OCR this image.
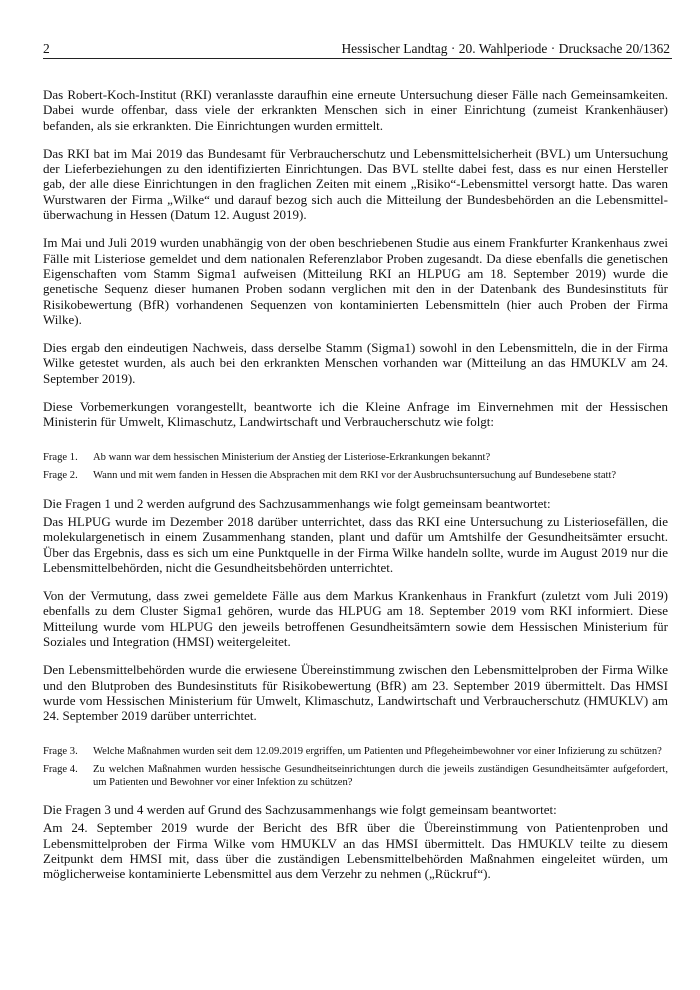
2	Hessischer Landtag · 20. Wahlperiode · Drucksache 20/1362

Das Robert-Koch-Institut (RKI) veranlasste daraufhin eine erneute Untersuchung dieser Fälle nach Gemeinsamkeiten. Dabei wurde offenbar, dass viele der erkrankten Menschen sich in einer Einrichtung (zumeist Krankenhäuser) befanden, als sie erkrankten. Die Einrichtungen wurden ermittelt.

Das RKI bat im Mai 2019 das Bundesamt für Verbraucherschutz und Lebensmittelsicherheit (BVL) um Untersuchung der Lieferbeziehungen zu den identifizierten Einrichtungen. Das BVL stellte dabei fest, dass es nur einen Hersteller gab, der alle diese Einrichtungen in den fraglichen Zeiten mit einem „Risiko“-Lebensmittel versorgt hatte. Das waren Wurstwaren der Firma „Wilke“ und darauf bezog sich auch die Mitteilung der Bundesbehörden an die Lebensmittelüberwachung in Hessen (Datum 12. August 2019).

Im Mai und Juli 2019 wurden unabhängig von der oben beschriebenen Studie aus einem Frankfurter Krankenhaus zwei Fälle mit Listeriose gemeldet und dem nationalen Referenzlabor Proben zugesandt. Da diese ebenfalls die genetischen Eigenschaften vom Stamm Sigma1 aufweisen (Mitteilung RKI an HLPUG am 18. September 2019) wurde die genetische Sequenz dieser humanen Proben sodann verglichen mit den in der Datenbank des Bundesinstituts für Risikobewertung (BfR) vorhandenen Sequenzen von kontaminierten Lebensmitteln (hier auch Proben der Firma Wilke).

Dies ergab den eindeutigen Nachweis, dass derselbe Stamm (Sigma1) sowohl in den Lebensmitteln, die in der Firma Wilke getestet wurden, als auch bei den erkrankten Menschen vorhanden war (Mitteilung an das HMUKLV am 24. September 2019).

Diese Vorbemerkungen vorangestellt, beantworte ich die Kleine Anfrage im Einvernehmen mit der Hessischen Ministerin für Umwelt, Klimaschutz, Landwirtschaft und Verbraucherschutz wie folgt:

Frage 1.	Ab wann war dem hessischen Ministerium der Anstieg der Listeriose-Erkrankungen bekannt?
Frage 2.	Wann und mit wem fanden in Hessen die Absprachen mit dem RKI vor der Ausbruchsuntersuchung auf Bundesebene statt?

Die Fragen 1 und 2 werden aufgrund des Sachzusammenhangs wie folgt gemeinsam beantwortet:

Das HLPUG wurde im Dezember 2018 darüber unterrichtet, dass das RKI eine Untersuchung zu Listeriosefällen, die molekulargenetisch in einem Zusammenhang standen, plant und dafür um Amtshilfe der Gesundheitsämter ersucht. Über das Ergebnis, dass es sich um eine Punktquelle in der Firma Wilke handeln sollte, wurde im August 2019 nur die Lebensmittelbehörden, nicht die Gesundheitsbehörden unterrichtet.

Von der Vermutung, dass zwei gemeldete Fälle aus dem Markus Krankenhaus in Frankfurt (zuletzt vom Juli 2019) ebenfalls zu dem Cluster Sigma1 gehören, wurde das HLPUG am 18. September 2019 vom RKI informiert. Diese Mitteilung wurde vom HLPUG den jeweils betroffenen Gesundheitsämtern sowie dem Hessischen Ministerium für Soziales und Integration (HMSI) weitergeleitet.

Den Lebensmittelbehörden wurde die erwiesene Übereinstimmung zwischen den Lebensmittelproben der Firma Wilke und den Blutproben des Bundesinstituts für Risikobewertung (BfR) am 23. September 2019 übermittelt. Das HMSI wurde vom Hessischen Ministerium für Umwelt, Klimaschutz, Landwirtschaft und Verbraucherschutz (HMUKLV) am 24. September 2019 darüber unterrichtet.

Frage 3.	Welche Maßnahmen wurden seit dem 12.09.2019 ergriffen, um Patienten und Pflegeheimbewohner vor einer Infizierung zu schützen?
Frage 4.	Zu welchen Maßnahmen wurden hessische Gesundheitseinrichtungen durch die jeweils zuständigen Gesundheitsämter aufgefordert, um Patienten und Bewohner vor einer Infektion zu schützen?

Die Fragen 3 und 4 werden auf Grund des Sachzusammenhangs wie folgt gemeinsam beantwortet:

Am 24. September 2019 wurde der Bericht des BfR über die Übereinstimmung von Patientenproben und Lebensmittelproben der Firma Wilke vom HMUKLV an das HMSI übermittelt. Das HMUKLV teilte zu diesem Zeitpunkt dem HMSI mit, dass über die zuständigen Lebensmittelbehörden Maßnahmen eingeleitet würden, um möglicherweise kontaminierte Lebensmittel aus dem Verzehr zu nehmen („Rückruf“).
